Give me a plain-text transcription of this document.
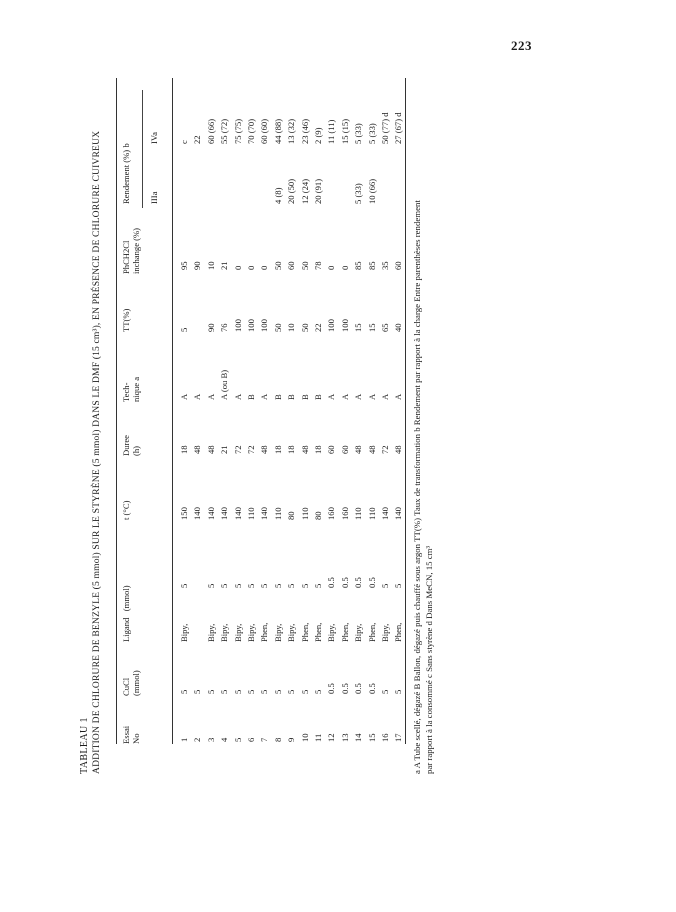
223
TABLEAU 1 ADDITION DE CHLORURE DE BENZYLE (5 mmol) SUR LE STYRÈNE (5 mmol) DANS LE DMF (15 cm³), EN PRÉSENCE DE CHLORURE CUIVREUX Essai No
CuCl (mmol)
Ligand   (mmol)
t (°C)
Duree (h)
Tech- nique a
TT(%)
PhCH2Cl inchange (%)
Rendement (%) b IIIa
IVa
1
5
Bipy,
5
150
18
A
5
95
c
2
5
140
48
A
90
22
3
5
Bipy,
5
140
48
A
90
10
60 (66)
4
5
Bipy,
5
140
21
A (ou B)
76
21
55 (72)
5
5
Bipy,
5
140
72
A
100
0
75 (75)
6
5
Bipy,
5
110
72
B
100
0
70 (70)
7
5
Phen,
5
140
48
A
100
0
60 (60)
8
5
Bipy,
5
110
18
B
50
50
4 (8)
44 (88)
9
5
Bipy,
5
80
18
B
10
60
20 (50)
13 (32)
10
5
Phen,
5
110
48
B
50
50
12 (24)
23 (46)
11
5
Phen,
5
80
18
B
22
78
20 (91)
2 (9)
12
0.5
Bipy,
0.5
160
60
A
100
0
11 (11)
13
0.5
Phen,
0.5
160
60
A
100
0
15 (15)
14
0.5
Bipy,
0.5
110
48
A
15
85
5 (33)
5 (33)
15
0.5
Phen,
0.5
110
48
A
15
85
10 (66)
5 (33)
16
5
Bipy,
5
140
72
A
65
35
50 (77) d
17
5
Phen,
5
140
48
A
40
60
27 (67) d
a A Tube scellé, dégazé B Ballon, dégazé puis chauffé sous argon TT(%) Taux de transformation b Rendement par rapport à la charge Entre parenthèses rendement par rapport à la consommé c Sans styrène d Dans MeCN, 15 cm³
